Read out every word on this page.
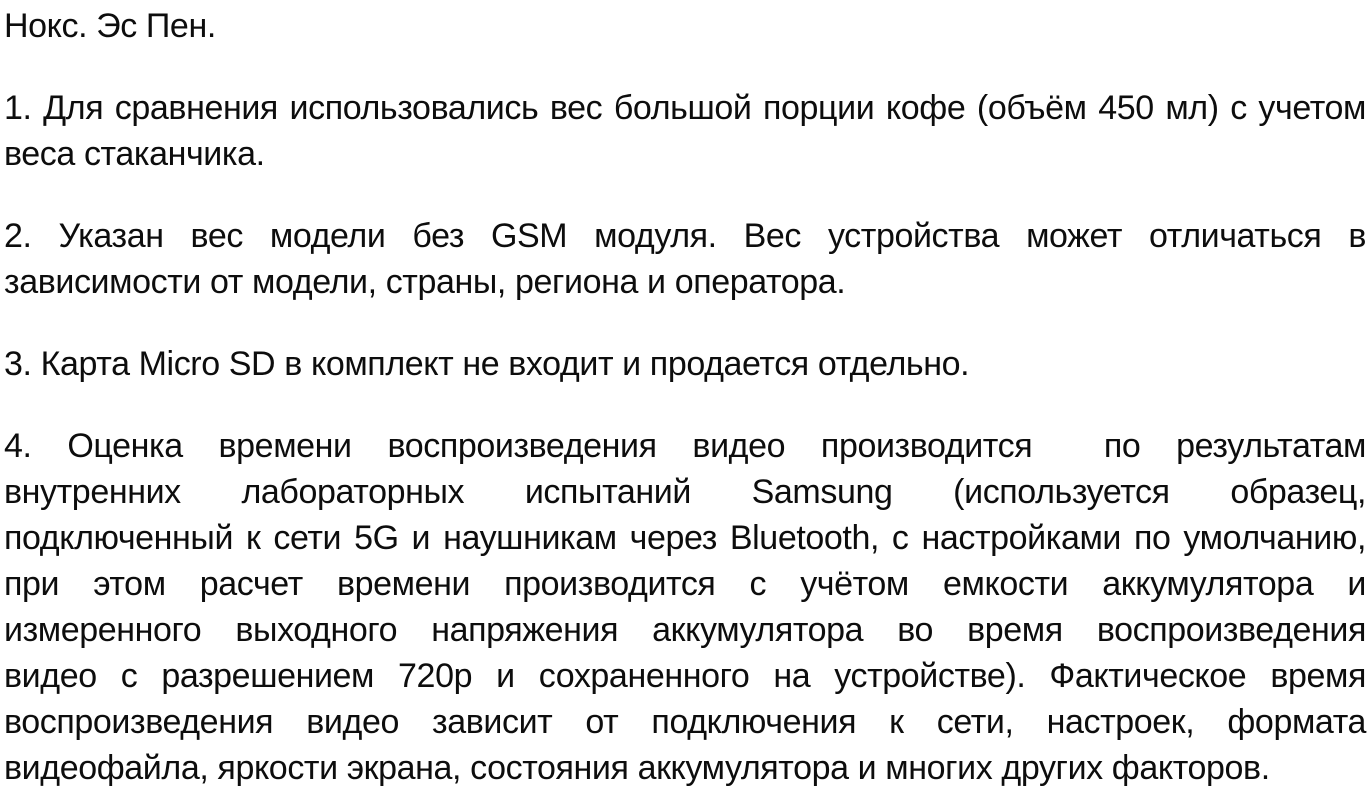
Нокс. Эс Пен.
1. Для сравнения использовались вес большой порции кофе (объём 450 мл) с учетом
веса стаканчика.
2. Указан вес модели без GSM модуля. Вес устройства может отличаться в
зависимости от модели, страны, региона и оператора.
3. Карта Micro SD в комплект не входит и продается отдельно.
4. Оценка времени воспроизведения видео производится  по результатам
внутренних лабораторных испытаний Samsung (используется образец,
подключенный к сети 5G и наушникам через Bluetooth, с настройками по умолчанию,
при этом расчет времени производится с учётом емкости аккумулятора и
измеренного выходного напряжения аккумулятора во время воспроизведения
видео с разрешением 720p и сохраненного на устройстве). Фактическое время
воспроизведения видео зависит от подключения к сети, настроек, формата
видеофайла, яркости экрана, состояния аккумулятора и многих других факторов.
